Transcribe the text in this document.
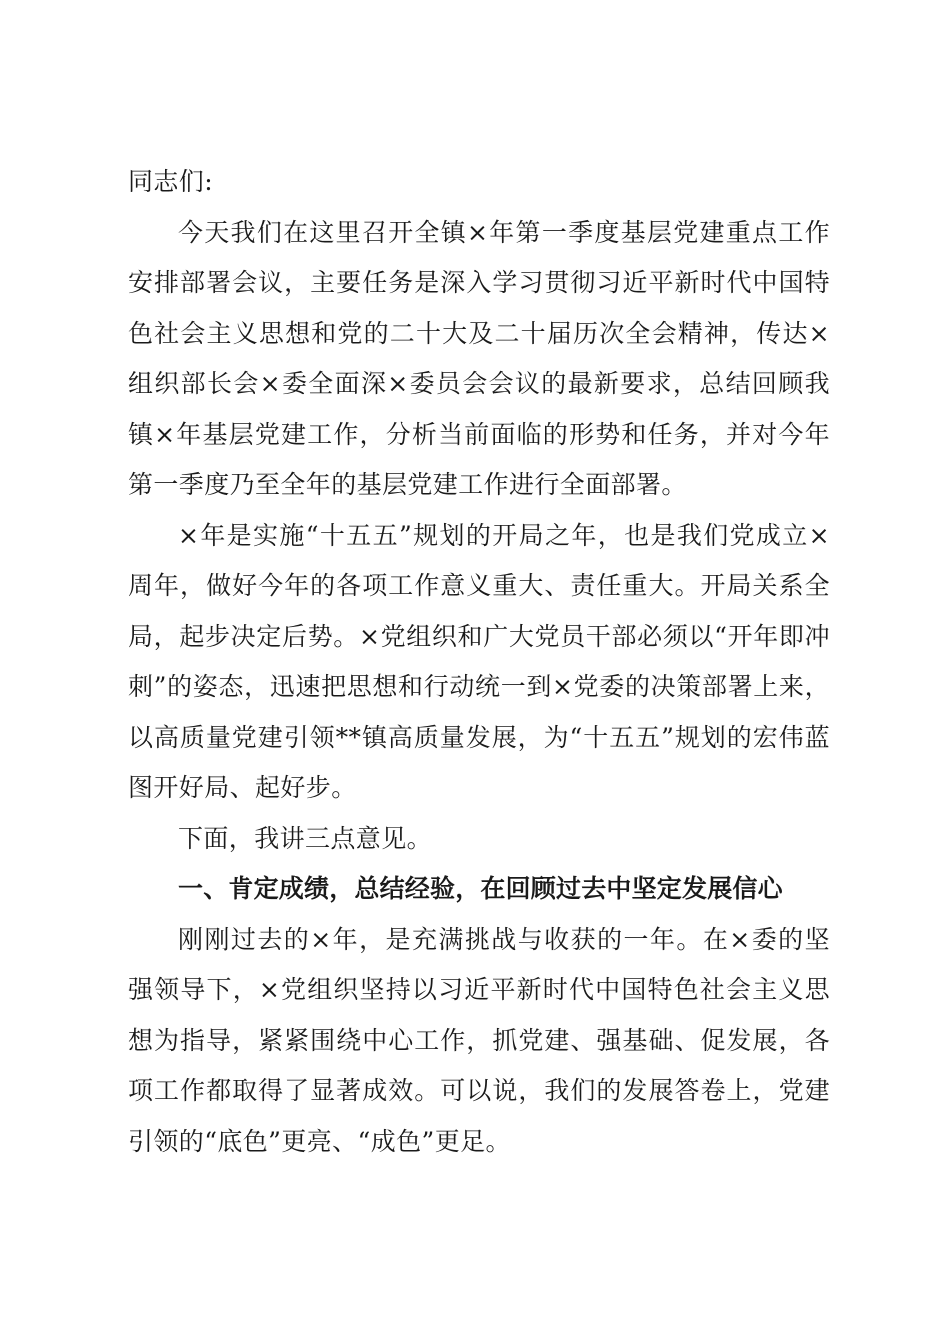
同志们:

今天我们在这里召开全镇×年第一季度基层党建重点工作安排部署会议，主要任务是深入学习贯彻习近平新时代中国特色社会主义思想和党的二十大及二十届历次全会精神，传达×组织部长会×委全面深×委员会会议的最新要求，总结回顾我镇×年基层党建工作，分析当前面临的形势和任务，并对今年第一季度乃至全年的基层党建工作进行全面部署。

×年是实施“十五五”规划的开局之年，也是我们党成立×周年，做好今年的各项工作意义重大、责任重大。开局关系全局，起步决定后势。×党组织和广大党员干部必须以“开年即冲刺”的姿态，迅速把思想和行动统一到×党委的决策部署上来，以高质量党建引领**镇高质量发展，为“十五五”规划的宏伟蓝图开好局、起好步。

下面，我讲三点意见。

一、肯定成绩，总结经验，在回顾过去中坚定发展信心

刚刚过去的×年，是充满挑战与收获的一年。在×委的坚强领导下，×党组织坚持以习近平新时代中国特色社会主义思想为指导，紧紧围绕中心工作，抓党建、强基础、促发展，各项工作都取得了显著成效。可以说，我们的发展答卷上，党建引领的“底色”更亮、“成色”更足。
